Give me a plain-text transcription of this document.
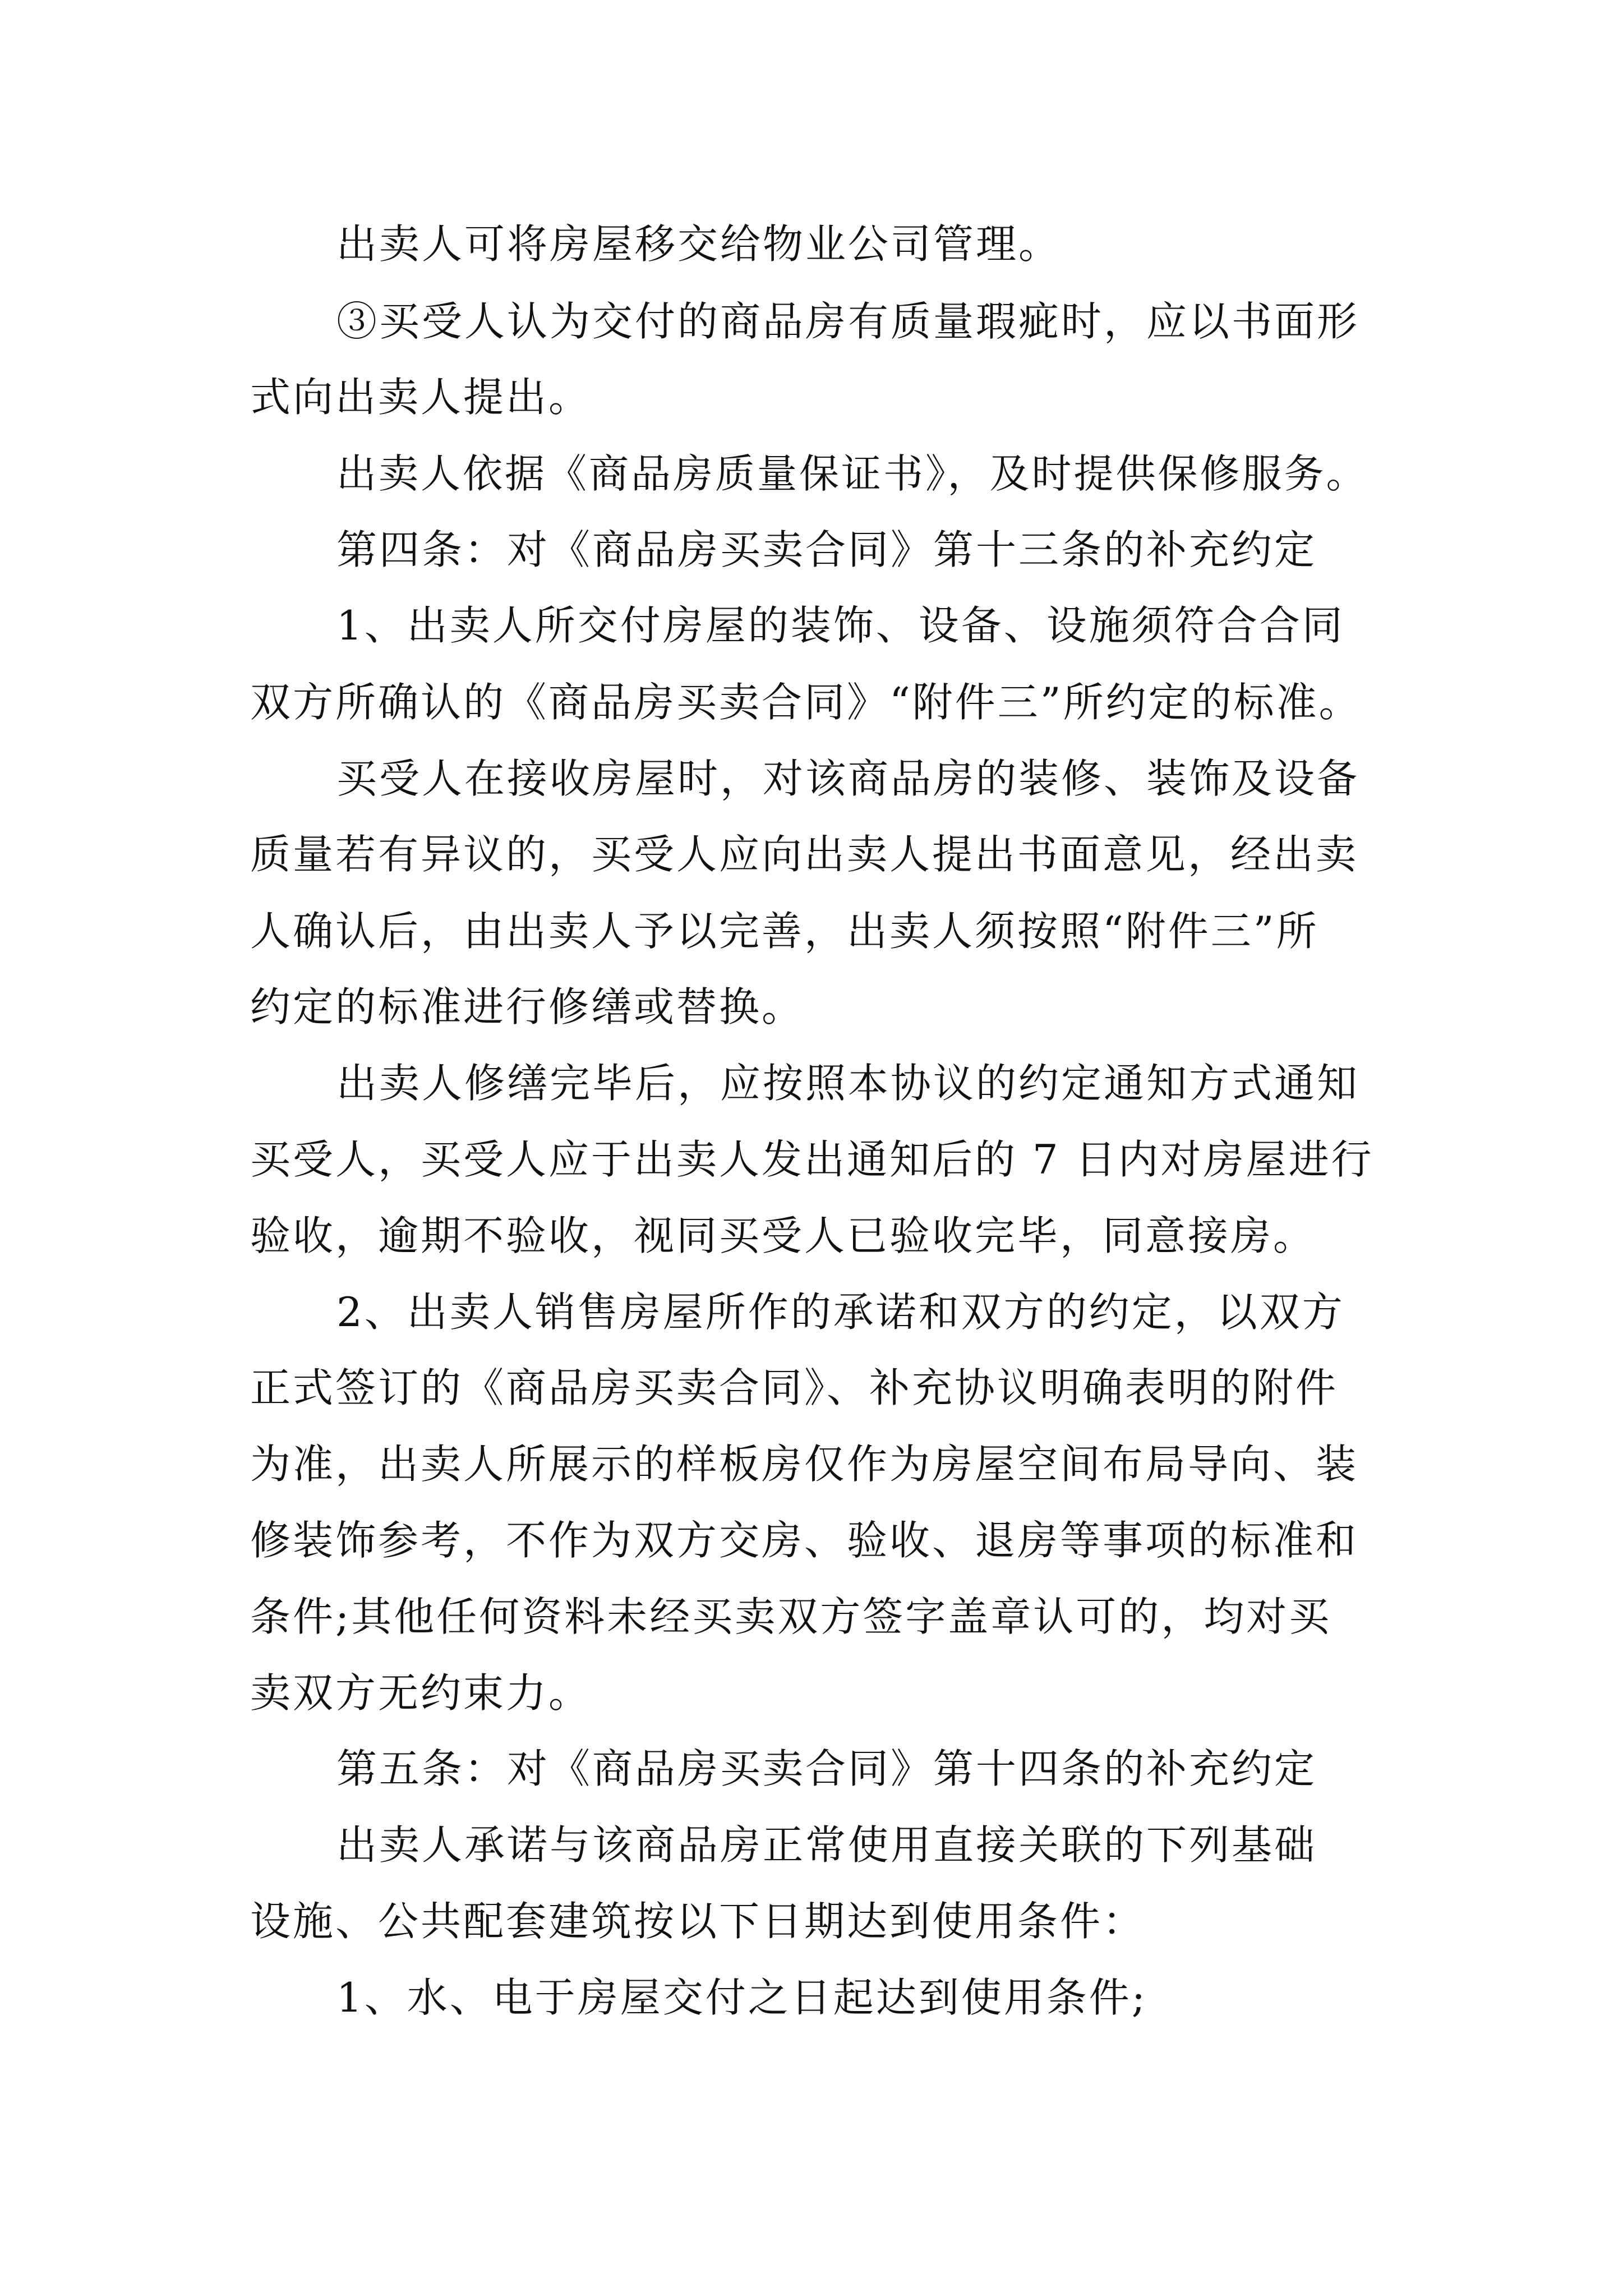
出卖人可将房屋移交给物业公司管理。
③买受人认为交付的商品房有质量瑕疵时，应以书面形
式向出卖人提出。
出卖人依据《商品房质量保证书》，及时提供保修服务。
第四条：对《商品房买卖合同》第十三条的补充约定
1、出卖人所交付房屋的装饰、设备、设施须符合合同
双方所确认的《商品房买卖合同》“附件三”所约定的标准。
买受人在接收房屋时，对该商品房的装修、装饰及设备
质量若有异议的，买受人应向出卖人提出书面意见，经出卖
人确认后，由出卖人予以完善，出卖人须按照“附件三”所
约定的标准进行修缮或替换。
出卖人修缮完毕后，应按照本协议的约定通知方式通知
买受人，买受人应于出卖人发出通知后的 7 日内对房屋进行
验收，逾期不验收，视同买受人已验收完毕，同意接房。
2、出卖人销售房屋所作的承诺和双方的约定，以双方
正式签订的《商品房买卖合同》、补充协议明确表明的附件
为准，出卖人所展示的样板房仅作为房屋空间布局导向、装
修装饰参考，不作为双方交房、验收、退房等事项的标准和
条件;其他任何资料未经买卖双方签字盖章认可的，均对买
卖双方无约束力。
第五条：对《商品房买卖合同》第十四条的补充约定
出卖人承诺与该商品房正常使用直接关联的下列基础
设施、公共配套建筑按以下日期达到使用条件：
1、水、电于房屋交付之日起达到使用条件;
